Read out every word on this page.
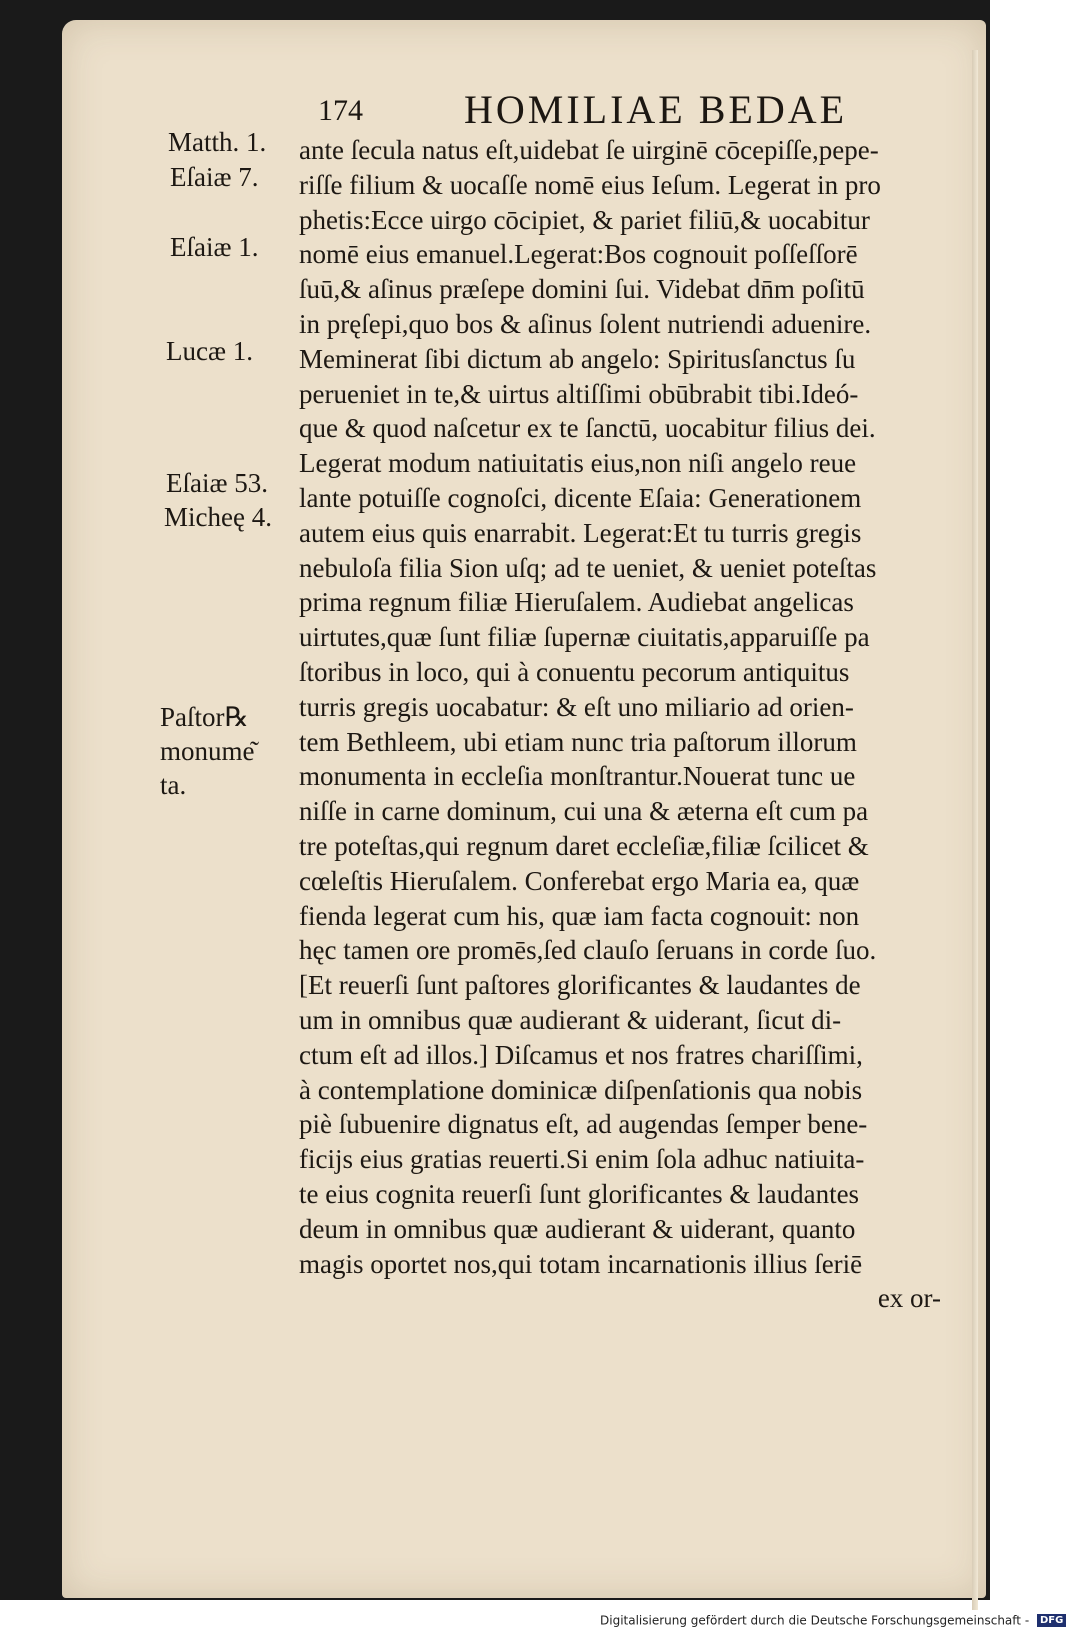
174	HOMILIAE BEDAE
Matth. 1.
Eſaiæ 7.
Eſaiæ 1.
Lucæ 1.
Eſaiæ 53.
Micheę 4.
Paſtor℞
monume͂
ta.
ante ſecula natus eſt,uidebat ſe uirginē cōcepiſſe,pepe-
riſſe filium & uocaſſe nomē eius Ieſum. Legerat in pro
phetis:Ecce uirgo cōcipiet, & pariet filiū,& uocabitur
nomē eius emanuel.Legerat:Bos cognouit poſſeſſorē
ſuū,& aſinus præſepe domini ſui. Videbat dn̄m poſitū
in pręſepi,quo bos & aſinus ſolent nutriendi aduenire.
Meminerat ſibi dictum ab angelo: Spiritusſanctus ſu
perueniet in te,& uirtus altiſſimi obūbrabit tibi.Ideó-
que & quod naſcetur ex te ſanctū, uocabitur filius dei.
Legerat modum natiuitatis eius,non niſi angelo reue
lante potuiſſe cognoſci, dicente Eſaia: Generationem
autem eius quis enarrabit. Legerat:Et tu turris gregis
nebuloſa filia Sion uſq; ad te ueniet, & ueniet poteſtas
prima regnum filiæ Hieruſalem. Audiebat angelicas
uirtutes,quæ ſunt filiæ ſupernæ ciuitatis,apparuiſſe pa
ſtoribus in loco, qui à conuentu pecorum antiquitus
turris gregis uocabatur: & eſt uno miliario ad orien-
tem Bethleem, ubi etiam nunc tria paſtorum illorum
monumenta in eccleſia monſtrantur.Nouerat tunc ue
niſſe in carne dominum, cui una & æterna eſt cum pa
tre poteſtas,qui regnum daret eccleſiæ,filiæ ſcilicet &
cœleſtis Hieruſalem. Conferebat ergo Maria ea, quæ
fienda legerat cum his, quæ iam facta cognouit: non
hęc tamen ore promēs,ſed clauſo ſeruans in corde ſuo.
[Et reuerſi ſunt paſtores glorificantes & laudantes de
um in omnibus quæ audierant & uiderant, ſicut di-
ctum eſt ad illos.] Diſcamus et nos fratres chariſſimi,
à contemplatione dominicæ diſpenſationis qua nobis
piè ſubuenire dignatus eſt, ad augendas ſemper bene-
ficijs eius gratias reuerti.Si enim ſola adhuc natiuita-
te eius cognita reuerſi ſunt glorificantes & laudantes
deum in omnibus quæ audierant & uiderant, quanto
magis oportet nos,qui totam incarnationis illius ſeriē
ex or-
Digitalisierung gefördert durch die Deutsche Forschungsgemeinschaft - DFG
